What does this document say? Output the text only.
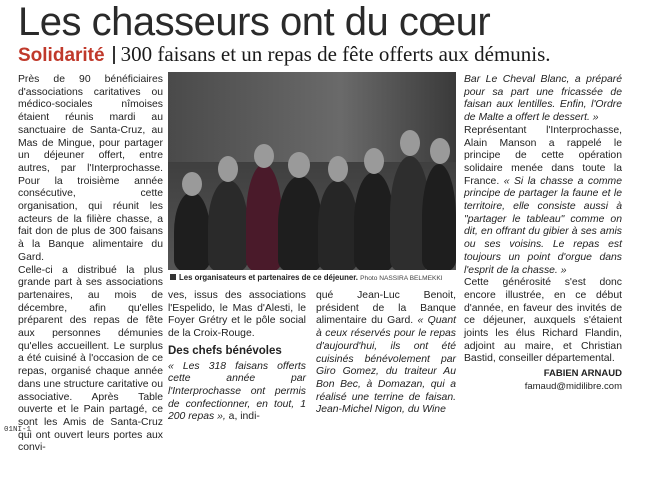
Les chasseurs ont du cœur
Solidarité 300 faisans et un repas de fête offerts aux démunis.

Près de 90 bénéficiaires d'associations caritatives ou médico-sociales nîmoises étaient réunis mardi au sanctuaire de Santa-Cruz, au Mas de Mingue, pour partager un déjeuner offert, entre autres, par l'Interprochasse. Pour la troisième année consécutive, cette organisation, qui réunit les acteurs de la filière chasse, a fait don de plus de 300 faisans à la Banque alimentaire du Gard.

Celle-ci a distribué la plus grande part à ses associations partenaires, au mois de décembre, afin qu'elles préparent des repas de fête aux personnes démunies qu'elles accueillent. Le surplus a été cuisiné à l'occasion de ce repas, organisé chaque année dans une structure caritative ou associative. Après Table ouverte et le Pain partagé, ce sont les Amis de Santa-Cruz qui ont ouvert leurs portes aux convi-

Les organisateurs et partenaires de ce déjeuner. Photo NASSIRA BELMEKKI

ves, issus des associations l'Espelido, le Mas d'Alesti, le Foyer Grétry et le pôle social de la Croix-Rouge.

Des chefs bénévoles

« Les 318 faisans offerts cette année par l'Interprochasse ont permis de confectionner, en tout, 1 200 repas », a, indi-

qué Jean-Luc Benoit, président de la Banque alimentaire du Gard. « Quant à ceux réservés pour le repas d'aujourd'hui, ils ont été cuisinés bénévolement par Giro Gomez, du traiteur Au Bon Bec, à Domazan, qui a réalisé une terrine de faisan. Jean-Michel Nigon, du Wine

Bar Le Cheval Blanc, a préparé pour sa part une fricassée de faisan aux lentilles. Enfin, l'Ordre de Malte a offert le dessert. »

Représentant l'Interprochasse, Alain Manson a rappelé le principe de cette opération solidaire menée dans toute la France. « Si la chasse a comme principe de partager la faune et le territoire, elle consiste aussi à "partager le tableau" comme on dit, en offrant du gibier à ses amis ou ses voisins. Le repas est toujours un point d'orgue dans l'esprit de la chasse. »

Cette générosité s'est donc encore illustrée, en ce début d'année, en faveur des invités de ce déjeuner, auxquels s'étaient joints les élus Richard Flandin, adjoint au maire, et Christian Bastid, conseiller départemental.

FABIEN ARNAUD
famaud@midilibre.com
01NI-1
